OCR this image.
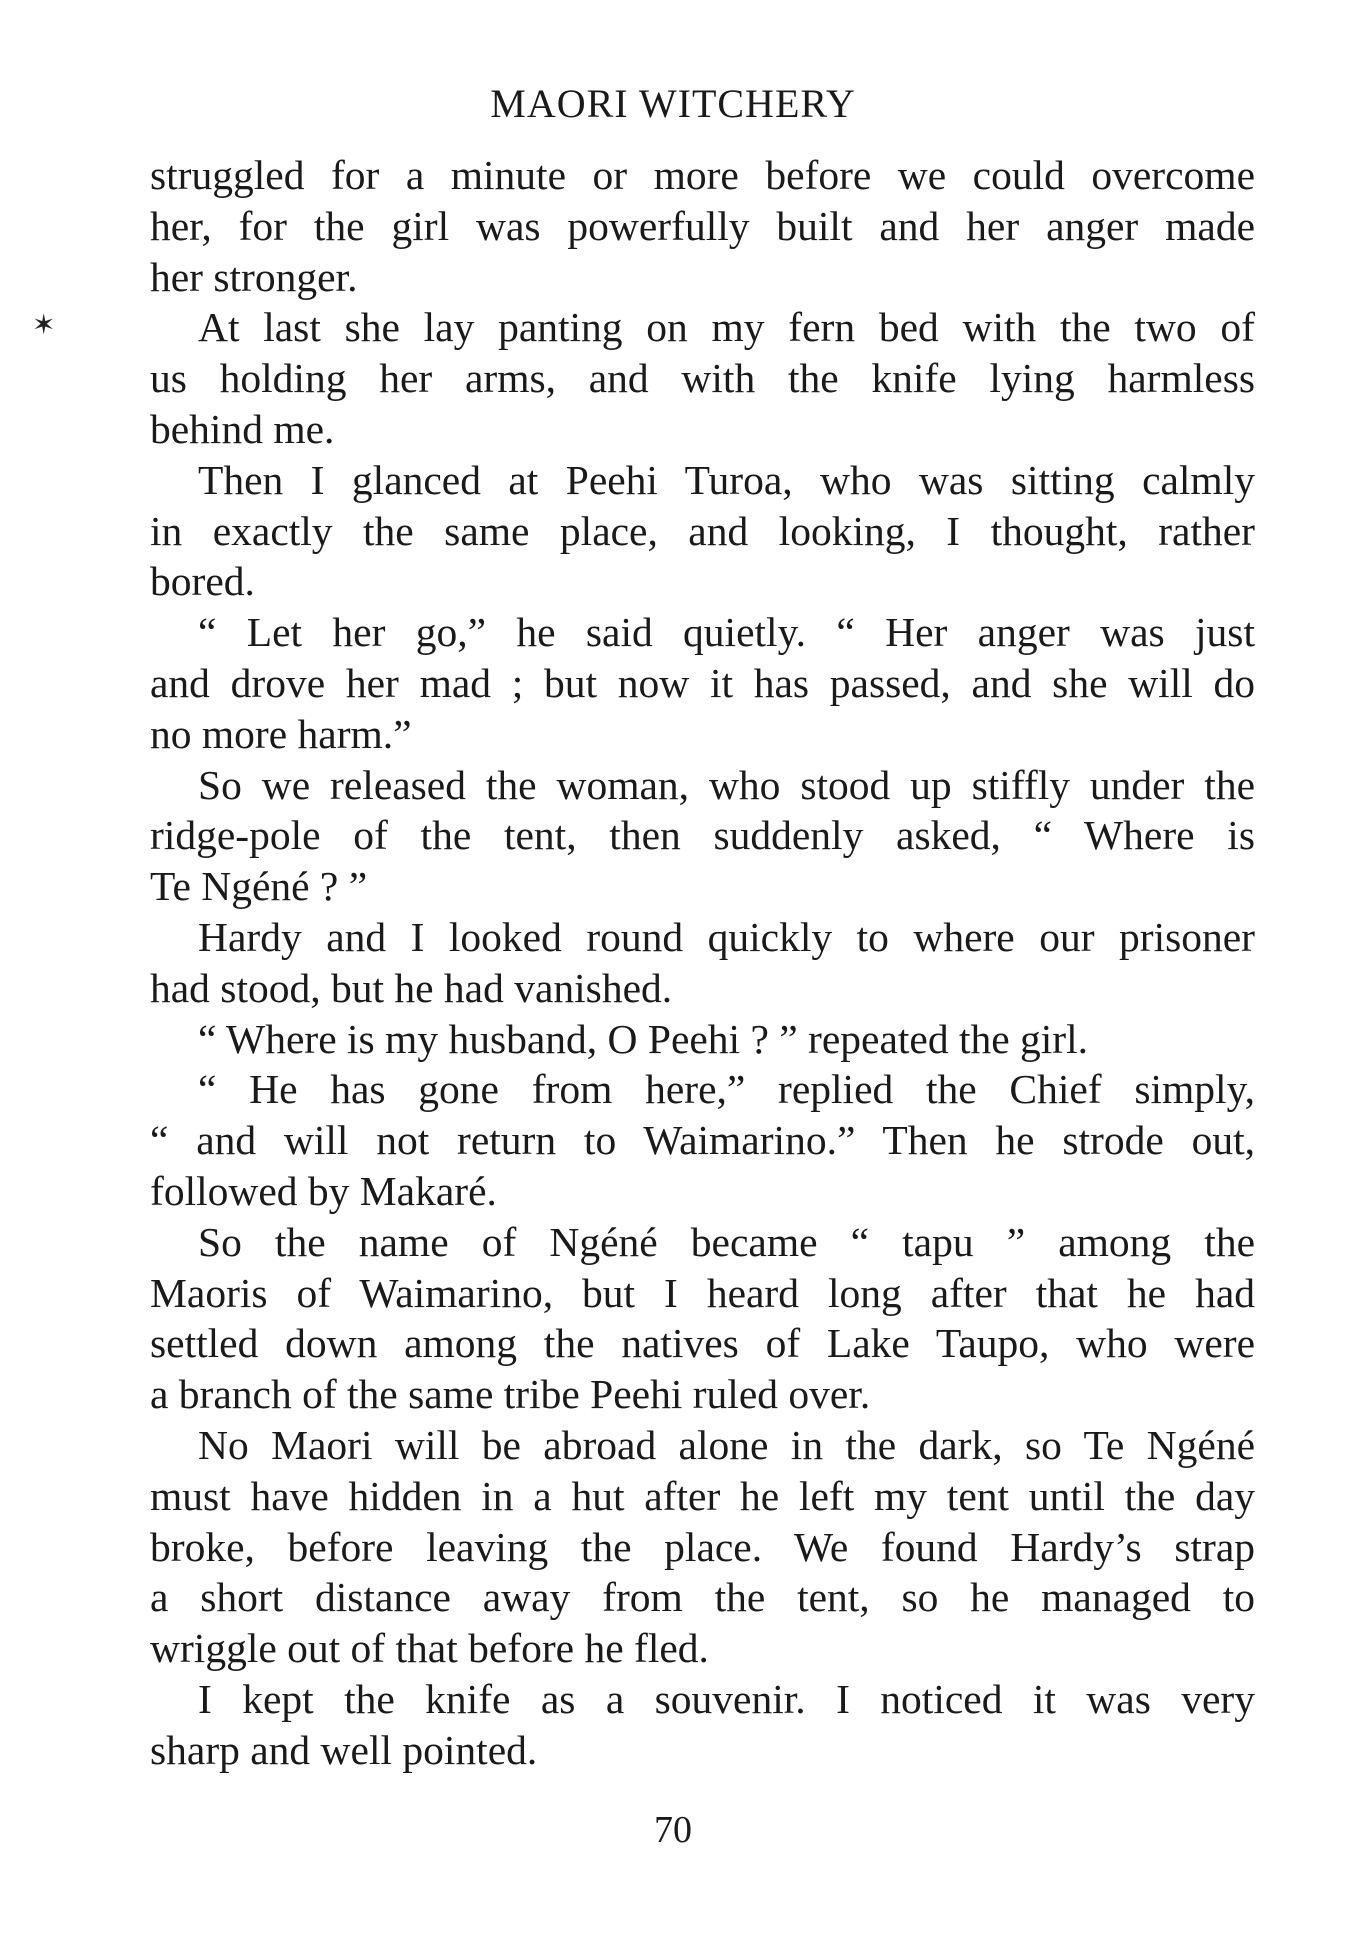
MAORI WITCHERY
✶
struggled for a minute or more before we could overcome
her, for the girl was powerfully built and her anger made
her stronger.
At last she lay panting on my fern bed with the two of
us holding her arms, and with the knife lying harmless
behind me.
Then I glanced at Peehi Turoa, who was sitting calmly
in exactly the same place, and looking, I thought, rather
bored.
“ Let her go,” he said quietly. “ Her anger was just
and drove her mad ; but now it has passed, and she will do
no more harm.”
So we released the woman, who stood up stiffly under the
ridge-pole of the tent, then suddenly asked, “ Where is
Te Ngéné ? ”
Hardy and I looked round quickly to where our prisoner
had stood, but he had vanished.
“ Where is my husband, O Peehi ? ” repeated the girl.
“ He has gone from here,” replied the Chief simply,
“ and will not return to Waimarino.” Then he strode out,
followed by Makaré.
So the name of Ngéné became “ tapu ” among the
Maoris of Waimarino, but I heard long after that he had
settled down among the natives of Lake Taupo, who were
a branch of the same tribe Peehi ruled over.
No Maori will be abroad alone in the dark, so Te Ngéné
must have hidden in a hut after he left my tent until the day
broke, before leaving the place. We found Hardy’s strap
a short distance away from the tent, so he managed to
wriggle out of that before he fled.
I kept the knife as a souvenir. I noticed it was very
sharp and well pointed.
70
